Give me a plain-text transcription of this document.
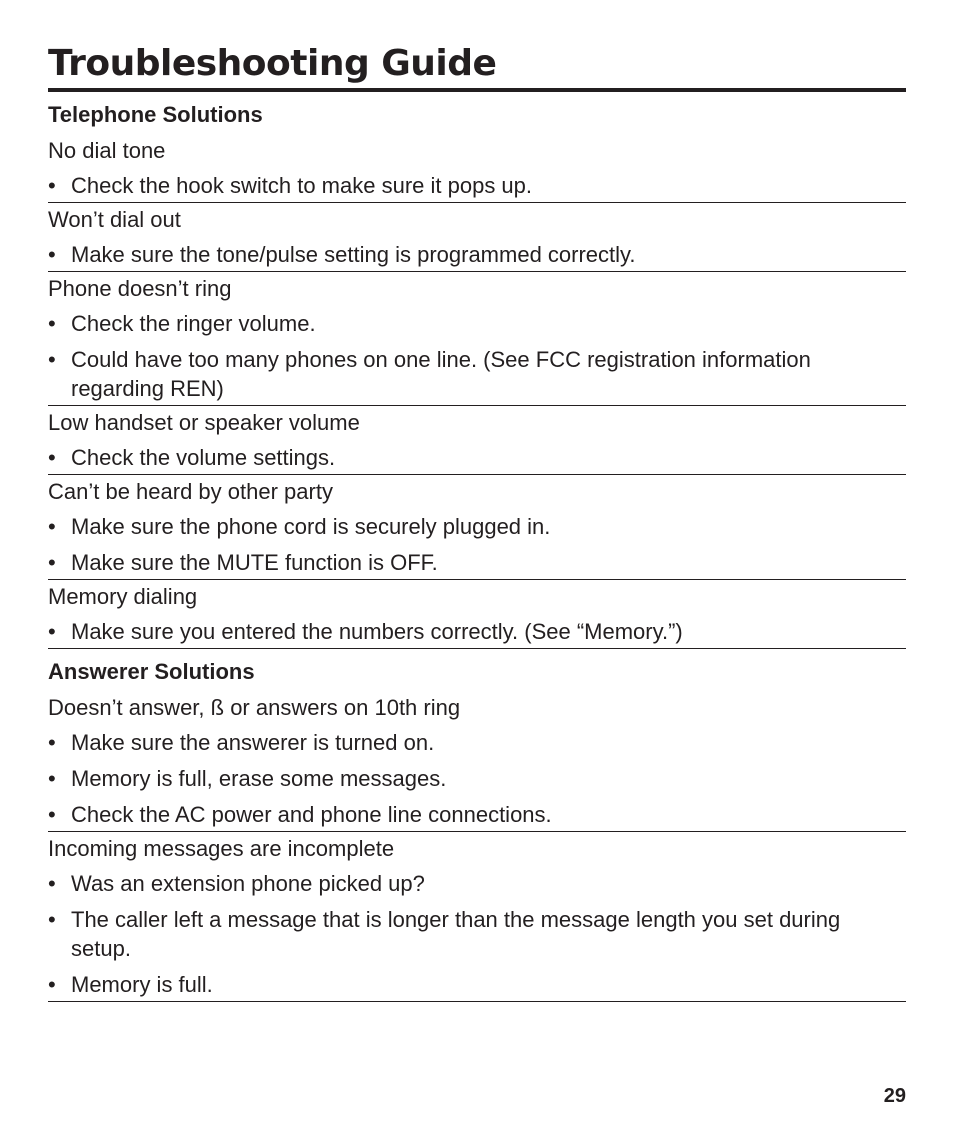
Troubleshooting Guide
Telephone Solutions
No dial tone
• Check the hook switch to make sure it pops up.
Won’t dial out
• Make sure the tone/pulse setting is programmed correctly.
Phone doesn’t ring
• Check the ringer volume.
• Could have too many phones on one line. (See FCC registration information regarding REN)
Low handset or speaker volume
• Check the volume settings.
Can’t be heard by other party
• Make sure the phone cord is securely plugged in.
• Make sure the MUTE function is OFF.
Memory dialing
• Make sure you entered the numbers correctly. (See “Memory.”)
Answerer Solutions
Doesn’t answer, ß or answers on 10th ring
• Make sure the answerer is turned on.
• Memory is full, erase some messages.
• Check the AC power and phone line connections.
Incoming messages are incomplete
• Was an extension phone picked up?
• The caller left a message that is longer than the message length you set during setup.
• Memory is full.
29
